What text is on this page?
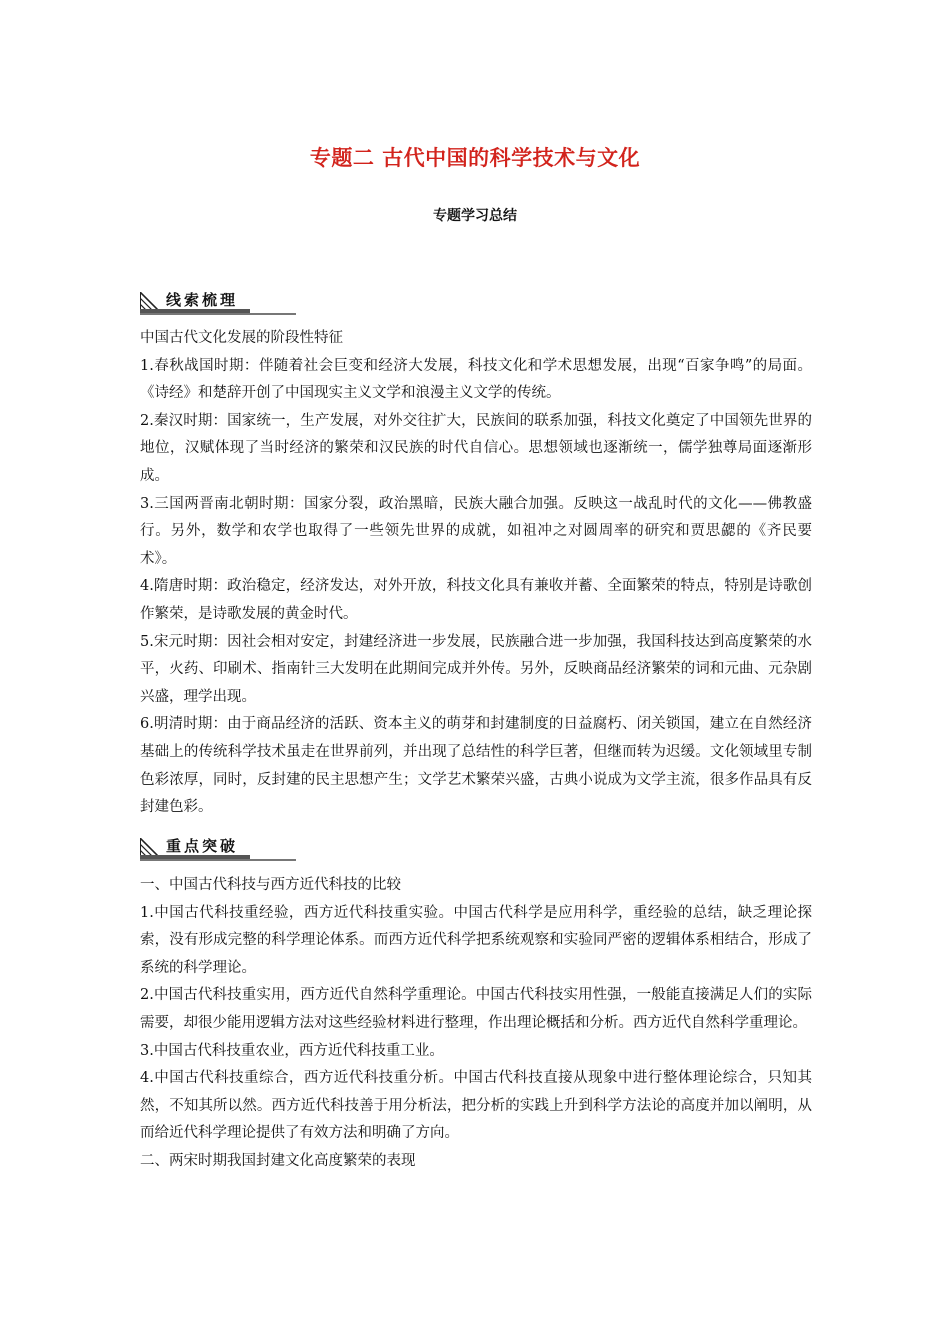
专题二 古代中国的科学技术与文化
专题学习总结
线索梳理

中国古代文化发展的阶段性特征

1.春秋战国时期：伴随着社会巨变和经济大发展，科技文化和学术思想发展，出现“百家争鸣”的局面。《诗经》和楚辞开创了中国现实主义文学和浪漫主义文学的传统。

2.秦汉时期：国家统一，生产发展，对外交往扩大，民族间的联系加强，科技文化奠定了中国领先世界的地位，汉赋体现了当时经济的繁荣和汉民族的时代自信心。思想领域也逐渐统一，儒学独尊局面逐渐形成。

3.三国两晋南北朝时期：国家分裂，政治黑暗，民族大融合加强。反映这一战乱时代的文化——佛教盛行。另外，数学和农学也取得了一些领先世界的成就，如祖冲之对圆周率的研究和贾思勰的《齐民要术》。

4.隋唐时期：政治稳定，经济发达，对外开放，科技文化具有兼收并蓄、全面繁荣的特点，特别是诗歌创作繁荣，是诗歌发展的黄金时代。

5.宋元时期：因社会相对安定，封建经济进一步发展，民族融合进一步加强，我国科技达到高度繁荣的水平，火药、印刷术、指南针三大发明在此期间完成并外传。另外，反映商品经济繁荣的词和元曲、元杂剧兴盛，理学出现。

6.明清时期：由于商品经济的活跃、资本主义的萌芽和封建制度的日益腐朽、闭关锁国，建立在自然经济基础上的传统科学技术虽走在世界前列，并出现了总结性的科学巨著，但继而转为迟缓。文化领域里专制色彩浓厚，同时，反封建的民主思想产生；文学艺术繁荣兴盛，古典小说成为文学主流，很多作品具有反封建色彩。

重点突破

一、中国古代科技与西方近代科技的比较

1.中国古代科技重经验，西方近代科技重实验。中国古代科学是应用科学，重经验的总结，缺乏理论探索，没有形成完整的科学理论体系。而西方近代科学把系统观察和实验同严密的逻辑体系相结合，形成了系统的科学理论。

2.中国古代科技重实用，西方近代自然科学重理论。中国古代科技实用性强，一般能直接满足人们的实际需要，却很少能用逻辑方法对这些经验材料进行整理，作出理论概括和分析。西方近代自然科学重理论。

3.中国古代科技重农业，西方近代科技重工业。

4.中国古代科技重综合，西方近代科技重分析。中国古代科技直接从现象中进行整体理论综合，只知其然，不知其所以然。西方近代科技善于用分析法，把分析的实践上升到科学方法论的高度并加以阐明，从而给近代科学理论提供了有效方法和明确了方向。

二、两宋时期我国封建文化高度繁荣的表现
